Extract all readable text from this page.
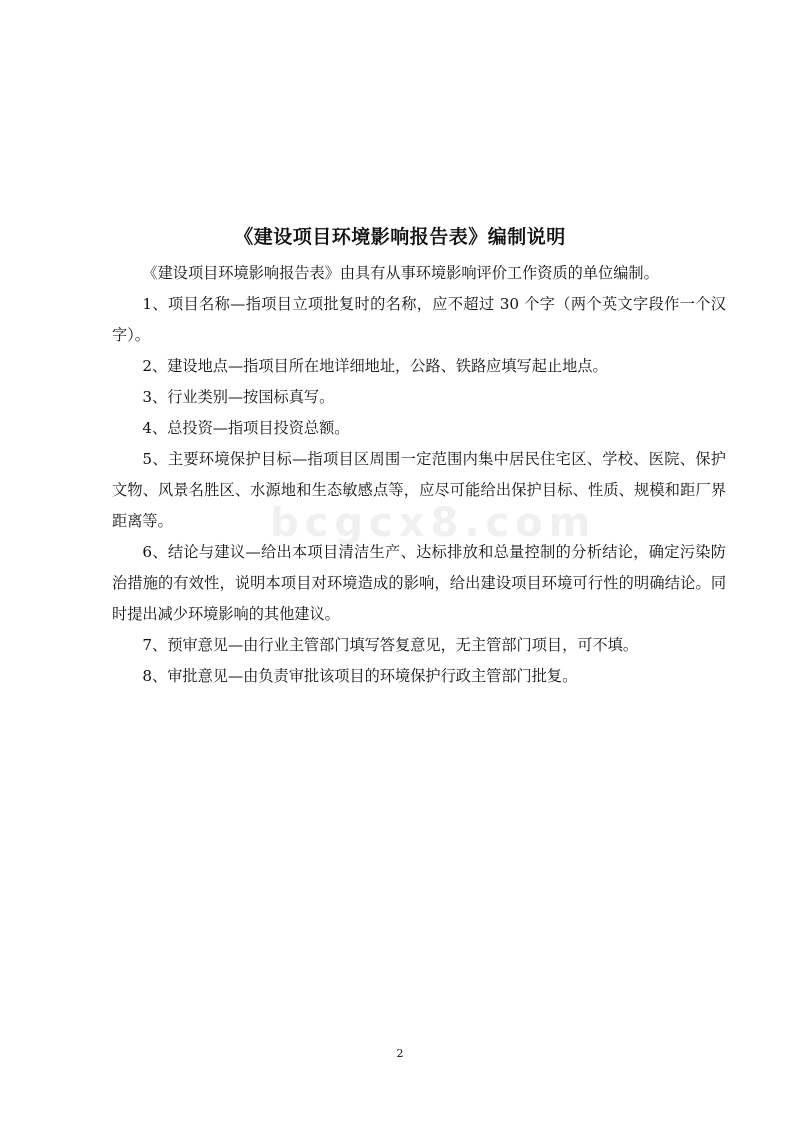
bcgcx8.com
《建设项目环境影响报告表》编制说明

《建设项目环境影响报告表》由具有从事环境影响评价工作资质的单位编制。

1、项目名称—指项目立项批复时的名称，应不超过 30 个字（两个英文字段作一个汉字）。

2、建设地点—指项目所在地详细地址，公路、铁路应填写起止地点。

3、行业类别—按国标真写。

4、总投资—指项目投资总额。

5、主要环境保护目标—指项目区周围一定范围内集中居民住宅区、学校、医院、保护文物、风景名胜区、水源地和生态敏感点等，应尽可能给出保护目标、性质、规模和距厂界距离等。

6、结论与建议—给出本项目清洁生产、达标排放和总量控制的分析结论，确定污染防治措施的有效性，说明本项目对环境造成的影响，给出建设项目环境可行性的明确结论。同时提出减少环境影响的其他建议。

7、预审意见—由行业主管部门填写答复意见，无主管部门项目，可不填。

8、审批意见—由负责审批该项目的环境保护行政主管部门批复。

2
